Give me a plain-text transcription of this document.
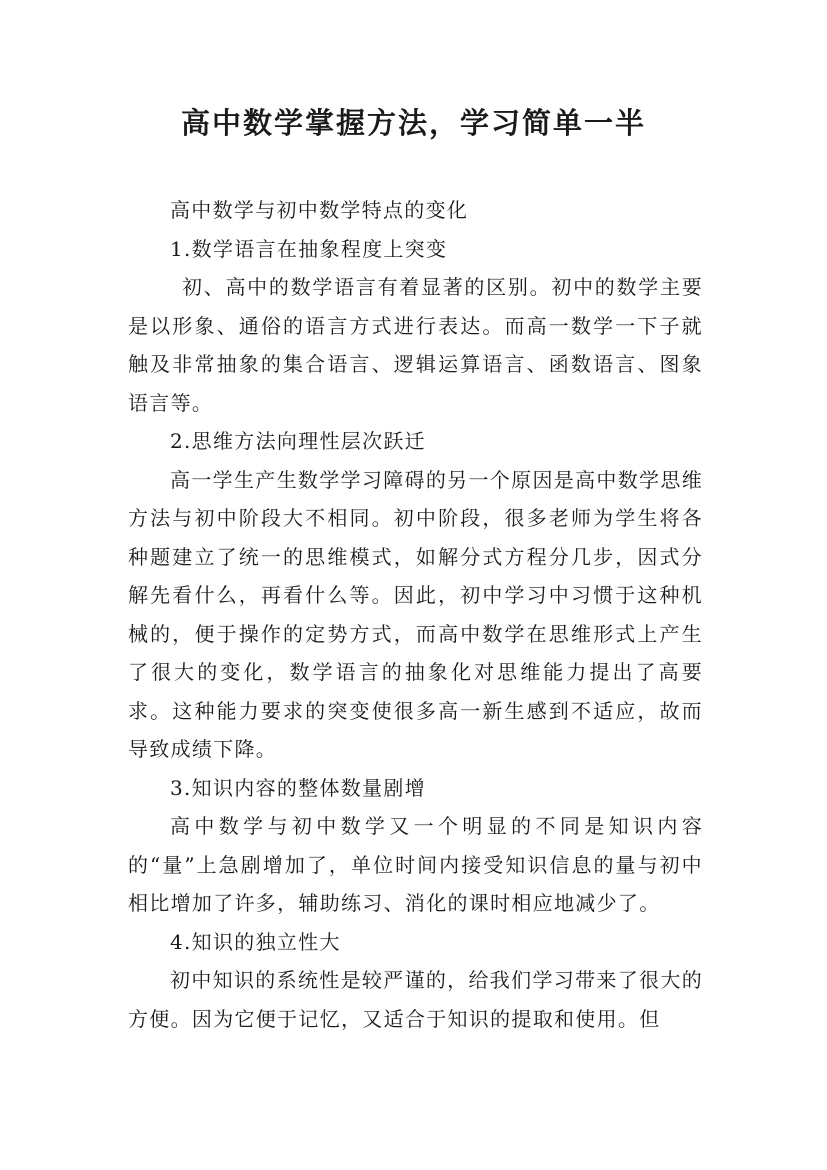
高中数学掌握方法，学习简单一半

高中数学与初中数学特点的变化

1.数学语言在抽象程度上突变

初、高中的数学语言有着显著的区别。初中的数学主要是以形象、通俗的语言方式进行表达。而高一数学一下子就触及非常抽象的集合语言、逻辑运算语言、函数语言、图象语言等。

2.思维方法向理性层次跃迁

高一学生产生数学学习障碍的另一个原因是高中数学思维方法与初中阶段大不相同。初中阶段，很多老师为学生将各种题建立了统一的思维模式，如解分式方程分几步，因式分解先看什么，再看什么等。因此，初中学习中习惯于这种机械的，便于操作的定势方式，而高中数学在思维形式上产生了很大的变化，数学语言的抽象化对思维能力提出了高要求。这种能力要求的突变使很多高一新生感到不适应，故而导致成绩下降。

3.知识内容的整体数量剧增

高中数学与初中数学又一个明显的不同是知识内容的“量”上急剧增加了，单位时间内接受知识信息的量与初中相比增加了许多，辅助练习、消化的课时相应地减少了。

4.知识的独立性大

初中知识的系统性是较严谨的，给我们学习带来了很大的方便。因为它便于记忆，又适合于知识的提取和使用。但
